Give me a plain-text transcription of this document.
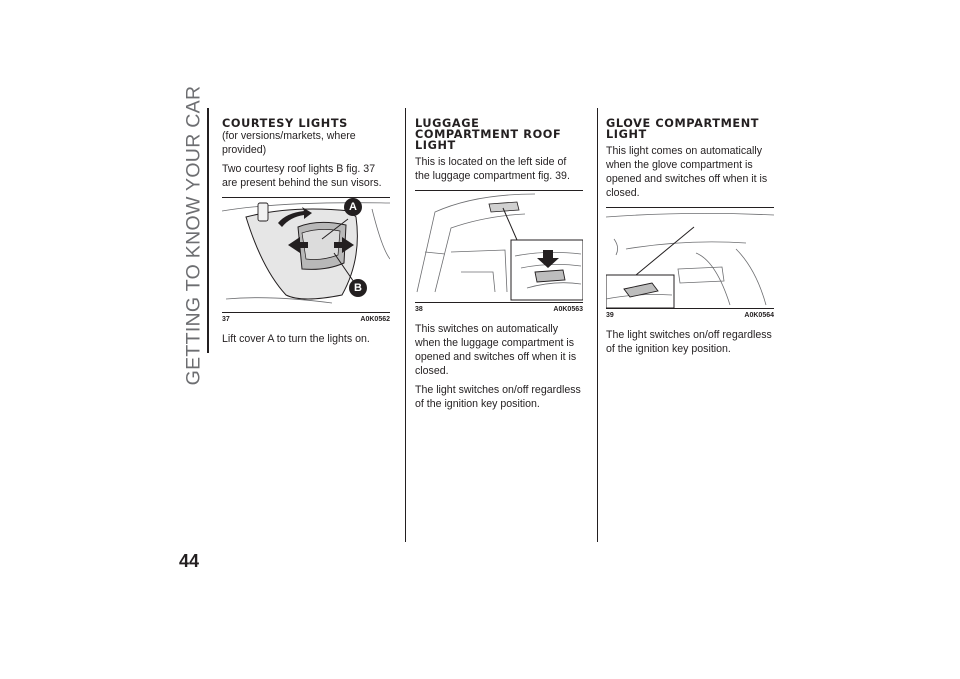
GETTING TO KNOW YOUR CAR
44
COURTESY LIGHTS

(for versions/markets, where provided)

Two courtesy roof lights B fig. 37 are present behind the sun visors.

A
B
37	A0K0562

Lift cover A to turn the lights on.

LUGGAGE COMPARTMENT ROOF LIGHT

This is located on the left side of the luggage compartment fig. 39.

38	A0K0563

This switches on automatically when the luggage compartment is opened and switches off when it is closed.

The light switches on/off regardless of the ignition key position.

GLOVE COMPARTMENT LIGHT

This light comes on automatically when the glove compartment is opened and switches off when it is closed.

39	A0K0564

The light switches on/off regardless of the ignition key position.
